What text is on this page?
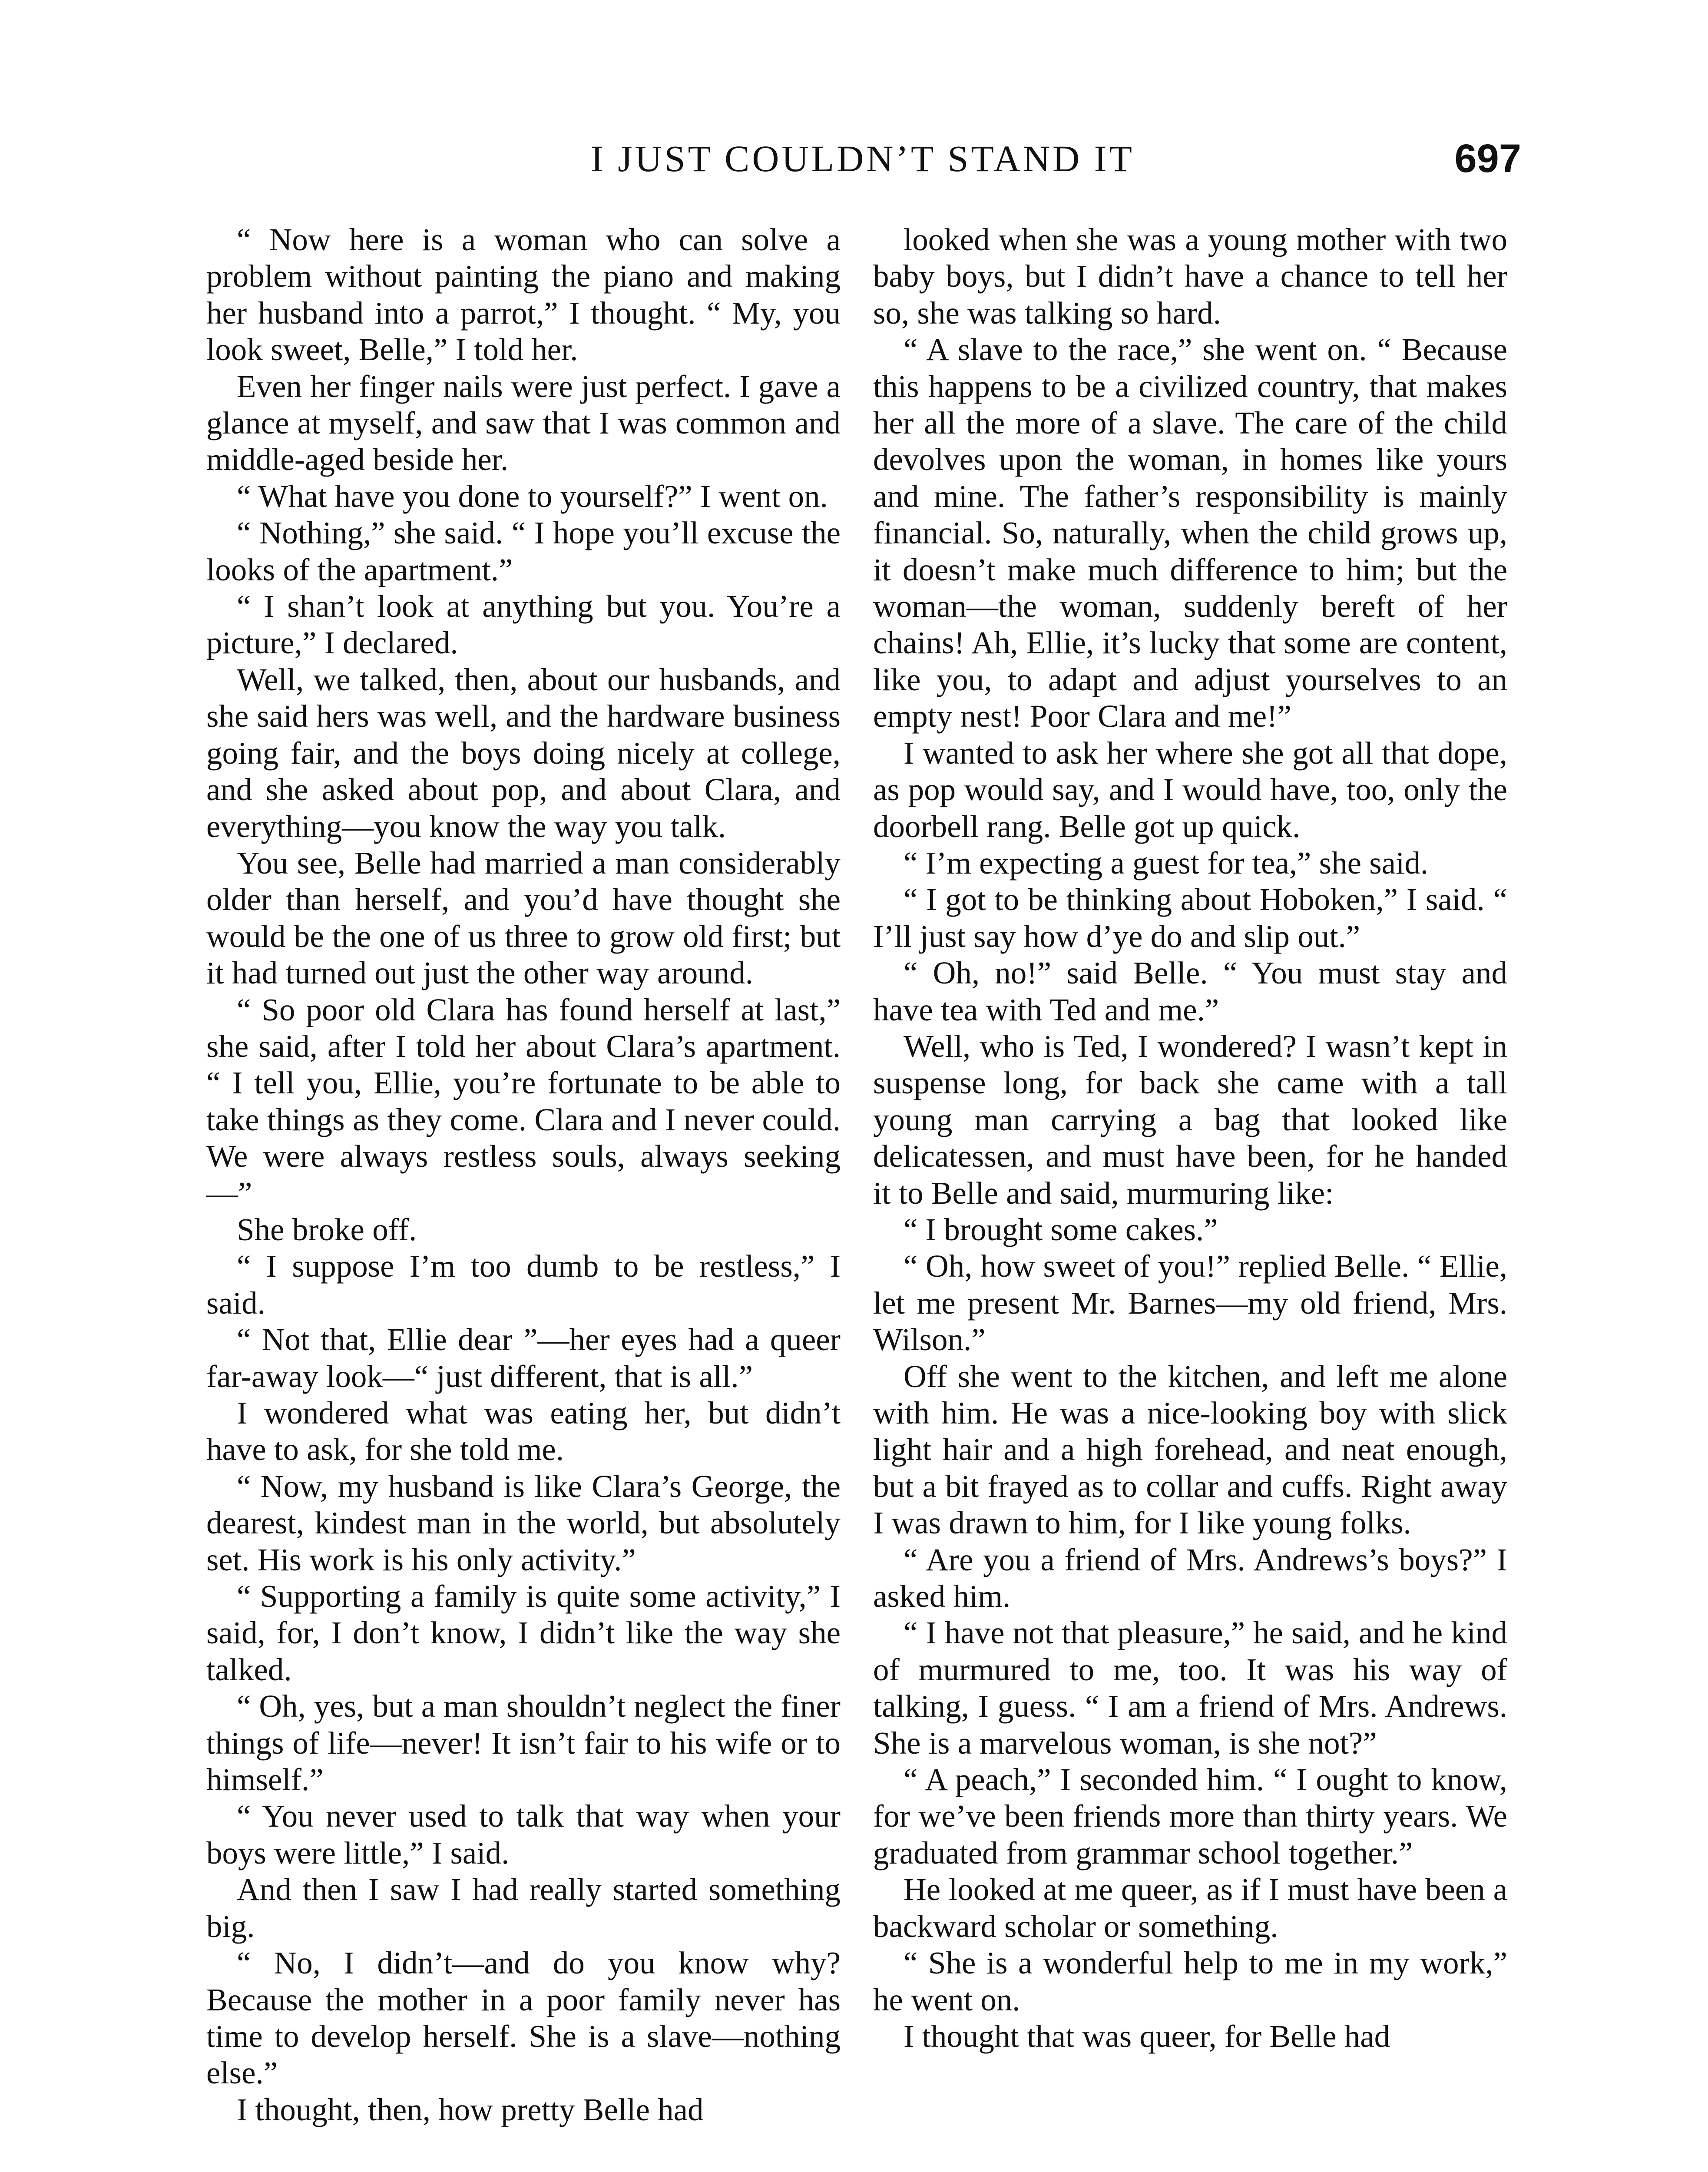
I JUST COULDN’T STAND IT	697

“ Now here is a woman who can solve a problem without painting the piano and making her husband into a parrot,” I thought. “ My, you look sweet, Belle,” I told her.

Even her finger nails were just perfect. I gave a glance at myself, and saw that I was common and middle-aged beside her.

“ What have you done to yourself?” I went on.

“ Nothing,” she said. “ I hope you’ll excuse the looks of the apartment.”

“ I shan’t look at anything but you. You’re a picture,” I declared.

Well, we talked, then, about our husbands, and she said hers was well, and the hardware business going fair, and the boys doing nicely at college, and she asked about pop, and about Clara, and everything—you know the way you talk.

You see, Belle had married a man considerably older than herself, and you’d have thought she would be the one of us three to grow old first; but it had turned out just the other way around.

“ So poor old Clara has found herself at last,” she said, after I told her about Clara’s apartment. “ I tell you, Ellie, you’re fortunate to be able to take things as they come. Clara and I never could. We were always restless souls, always seeking—”

She broke off.

“ I suppose I’m too dumb to be restless,” I said.

“ Not that, Ellie dear ”—her eyes had a queer far-away look—“ just different, that is all.”

I wondered what was eating her, but didn’t have to ask, for she told me.

“ Now, my husband is like Clara’s George, the dearest, kindest man in the world, but absolutely set. His work is his only activity.”

“ Supporting a family is quite some activity,” I said, for, I don’t know, I didn’t like the way she talked.

“ Oh, yes, but a man shouldn’t neglect the finer things of life—never! It isn’t fair to his wife or to himself.”

“ You never used to talk that way when your boys were little,” I said.

And then I saw I had really started something big.

“ No, I didn’t—and do you know why? Because the mother in a poor family never has time to develop herself. She is a slave—nothing else.”

I thought, then, how pretty Belle had

looked when she was a young mother with two baby boys, but I didn’t have a chance to tell her so, she was talking so hard.

“ A slave to the race,” she went on. “ Because this happens to be a civilized country, that makes her all the more of a slave. The care of the child devolves upon the woman, in homes like yours and mine. The father’s responsibility is mainly financial. So, naturally, when the child grows up, it doesn’t make much difference to him; but the woman—the woman, suddenly bereft of her chains! Ah, Ellie, it’s lucky that some are content, like you, to adapt and adjust yourselves to an empty nest! Poor Clara and me!”

I wanted to ask her where she got all that dope, as pop would say, and I would have, too, only the doorbell rang. Belle got up quick.

“ I’m expecting a guest for tea,” she said.

“ I got to be thinking about Hoboken,” I said. “ I’ll just say how d’ye do and slip out.”

“ Oh, no!” said Belle. “ You must stay and have tea with Ted and me.”

Well, who is Ted, I wondered? I wasn’t kept in suspense long, for back she came with a tall young man carrying a bag that looked like delicatessen, and must have been, for he handed it to Belle and said, murmuring like:

“ I brought some cakes.”

“ Oh, how sweet of you!” replied Belle. “ Ellie, let me present Mr. Barnes—my old friend, Mrs. Wilson.”

Off she went to the kitchen, and left me alone with him. He was a nice-looking boy with slick light hair and a high forehead, and neat enough, but a bit frayed as to collar and cuffs. Right away I was drawn to him, for I like young folks.

“ Are you a friend of Mrs. Andrews’s boys?” I asked him.

“ I have not that pleasure,” he said, and he kind of murmured to me, too. It was his way of talking, I guess. “ I am a friend of Mrs. Andrews. She is a marvelous woman, is she not?”

“ A peach,” I seconded him. “ I ought to know, for we’ve been friends more than thirty years. We graduated from grammar school together.”

He looked at me queer, as if I must have been a backward scholar or something.

“ She is a wonderful help to me in my work,” he went on.

I thought that was queer, for Belle had
